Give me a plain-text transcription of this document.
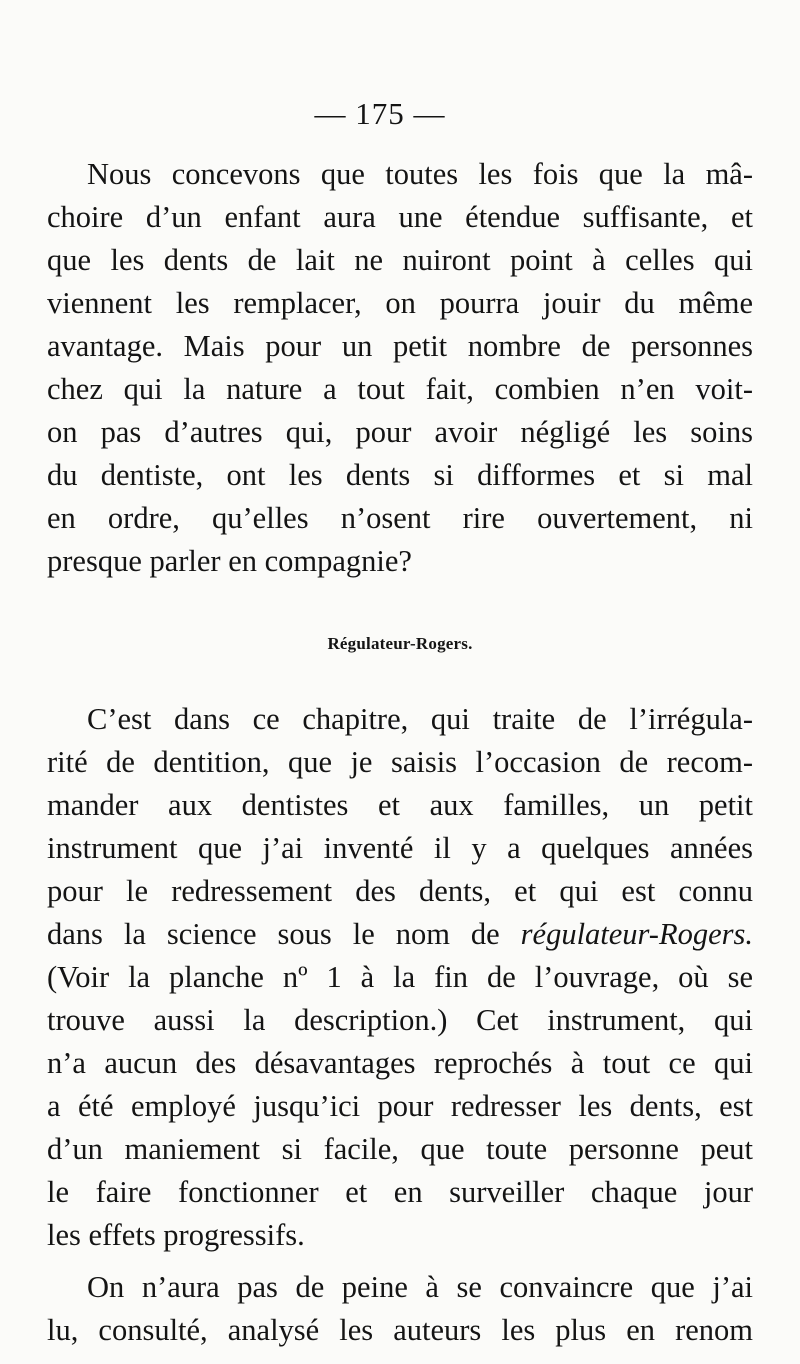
— 175 —
Nous concevons que toutes les fois que la mâ-
choire d’un enfant aura une étendue suffisante, et
que les dents de lait ne nuiront point à celles qui
viennent les remplacer, on pourra jouir du même
avantage. Mais pour un petit nombre de personnes
chez qui la nature a tout fait, combien n’en voit-
on pas d’autres qui, pour avoir négligé les soins
du dentiste, ont les dents si difformes et si mal
en ordre, qu’elles n’osent rire ouvertement, ni
presque parler en compagnie?
Régulateur-Rogers.
C’est dans ce chapitre, qui traite de l’irrégula-
rité de dentition, que je saisis l’occasion de recom-
mander aux dentistes et aux familles, un petit
instrument que j’ai inventé il y a quelques années
pour le redressement des dents, et qui est connu
dans la science sous le nom de régulateur-Rogers.
(Voir la planche nº 1 à la fin de l’ouvrage, où se
trouve aussi la description.) Cet instrument, qui
n’a aucun des désavantages reprochés à tout ce qui
a été employé jusqu’ici pour redresser les dents, est
d’un maniement si facile, que toute personne peut
le faire fonctionner et en surveiller chaque jour
les effets progressifs.
On n’aura pas de peine à se convaincre que j’ai
lu, consulté, analysé les auteurs les plus en renom
